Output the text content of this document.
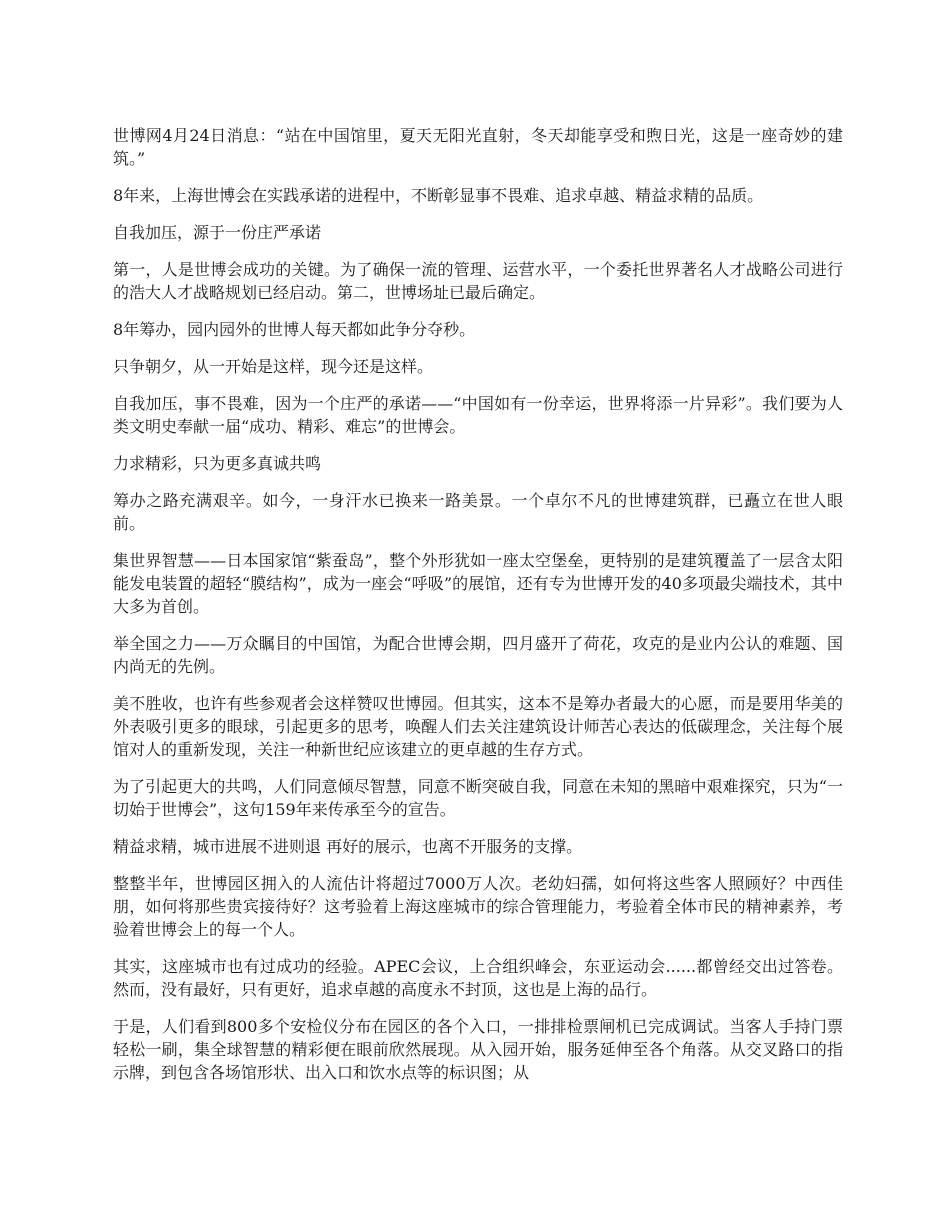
世博网4月24日消息：“站在中国馆里，夏天无阳光直射，冬天却能享受和煦日光，这是一座奇妙的建筑。”

8年来，上海世博会在实践承诺的进程中，不断彰显事不畏难、追求卓越、精益求精的品质。

自我加压，源于一份庄严承诺

第一，人是世博会成功的关键。为了确保一流的管理、运营水平，一个委托世界著名人才战略公司进行的浩大人才战略规划已经启动。第二，世博场址已最后确定。

8年筹办，园内园外的世博人每天都如此争分夺秒。

只争朝夕，从一开始是这样，现今还是这样。

自我加压，事不畏难，因为一个庄严的承诺——“中国如有一份幸运，世界将添一片异彩”。我们要为人类文明史奉献一届“成功、精彩、难忘”的世博会。

力求精彩，只为更多真诚共鸣

筹办之路充满艰辛。如今，一身汗水已换来一路美景。一个卓尔不凡的世博建筑群，已矗立在世人眼前。

集世界智慧——日本国家馆“紫蚕岛”，整个外形犹如一座太空堡垒，更特别的是建筑覆盖了一层含太阳能发电装置的超轻“膜结构”，成为一座会“呼吸”的展馆，还有专为世博开发的40多项最尖端技术，其中大多为首创。

举全国之力——万众瞩目的中国馆，为配合世博会期，四月盛开了荷花，攻克的是业内公认的难题、国内尚无的先例。

美不胜收，也许有些参观者会这样赞叹世博园。但其实，这本不是筹办者最大的心愿，而是要用华美的外表吸引更多的眼球，引起更多的思考，唤醒人们去关注建筑设计师苦心表达的低碳理念，关注每个展馆对人的重新发现，关注一种新世纪应该建立的更卓越的生存方式。

为了引起更大的共鸣，人们同意倾尽智慧，同意不断突破自我，同意在未知的黑暗中艰难探究，只为“一切始于世博会”，这句159年来传承至今的宣告。

精益求精，城市进展不进则退 再好的展示，也离不开服务的支撑。

整整半年，世博园区拥入的人流估计将超过7000万人次。老幼妇孺，如何将这些客人照顾好？中西佳朋，如何将那些贵宾接待好？这考验着上海这座城市的综合管理能力，考验着全体市民的精神素养，考验着世博会上的每一个人。

其实，这座城市也有过成功的经验。APEC会议，上合组织峰会，东亚运动会......都曾经交出过答卷。然而，没有最好，只有更好，追求卓越的高度永不封顶，这也是上海的品行。

于是，人们看到800多个安检仪分布在园区的各个入口，一排排检票闸机已完成调试。当客人手持门票轻松一刷，集全球智慧的精彩便在眼前欣然展现。从入园开始，服务延伸至各个角落。从交叉路口的指示牌，到包含各场馆形状、出入口和饮水点等的标识图；从
